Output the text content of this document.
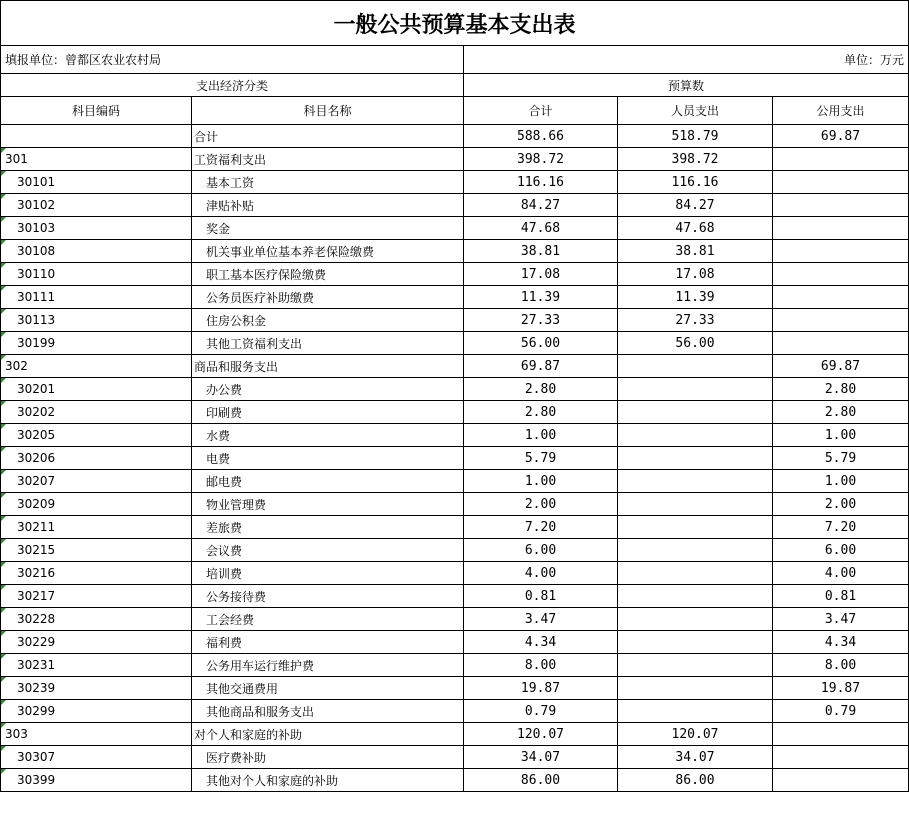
一般公共预算基本支出表				
填报单位：曾都区农业农村局		单位：万元		
支出经济分类		预算数		
科目编码	科目名称	合计	人员支出	公用支出
	合计	588.66	518.79	69.87

301	工资福利支出	398.72	398.72	

30101	基本工资	116.16	116.16	

30102	津贴补贴	84.27	84.27	

30103	奖金	47.68	47.68	

30108	机关事业单位基本养老保险缴费	38.81	38.81	

30110	职工基本医疗保险缴费	17.08	17.08	

30111	公务员医疗补助缴费	11.39	11.39	

30113	住房公积金	27.33	27.33	

30199	其他工资福利支出	56.00	56.00	

302	商品和服务支出	69.87		69.87

30201	办公费	2.80		2.80

30202	印刷费	2.80		2.80

30205	水费	1.00		1.00

30206	电费	5.79		5.79

30207	邮电费	1.00		1.00

30209	物业管理费	2.00		2.00

30211	差旅费	7.20		7.20

30215	会议费	6.00		6.00

30216	培训费	4.00		4.00

30217	公务接待费	0.81		0.81

30228	工会经费	3.47		3.47

30229	福利费	4.34		4.34

30231	公务用车运行维护费	8.00		8.00

30239	其他交通费用	19.87		19.87

30299	其他商品和服务支出	0.79		0.79

303	对个人和家庭的补助	120.07	120.07	

30307	医疗费补助	34.07	34.07	

30399	其他对个人和家庭的补助	86.00	86.00	
